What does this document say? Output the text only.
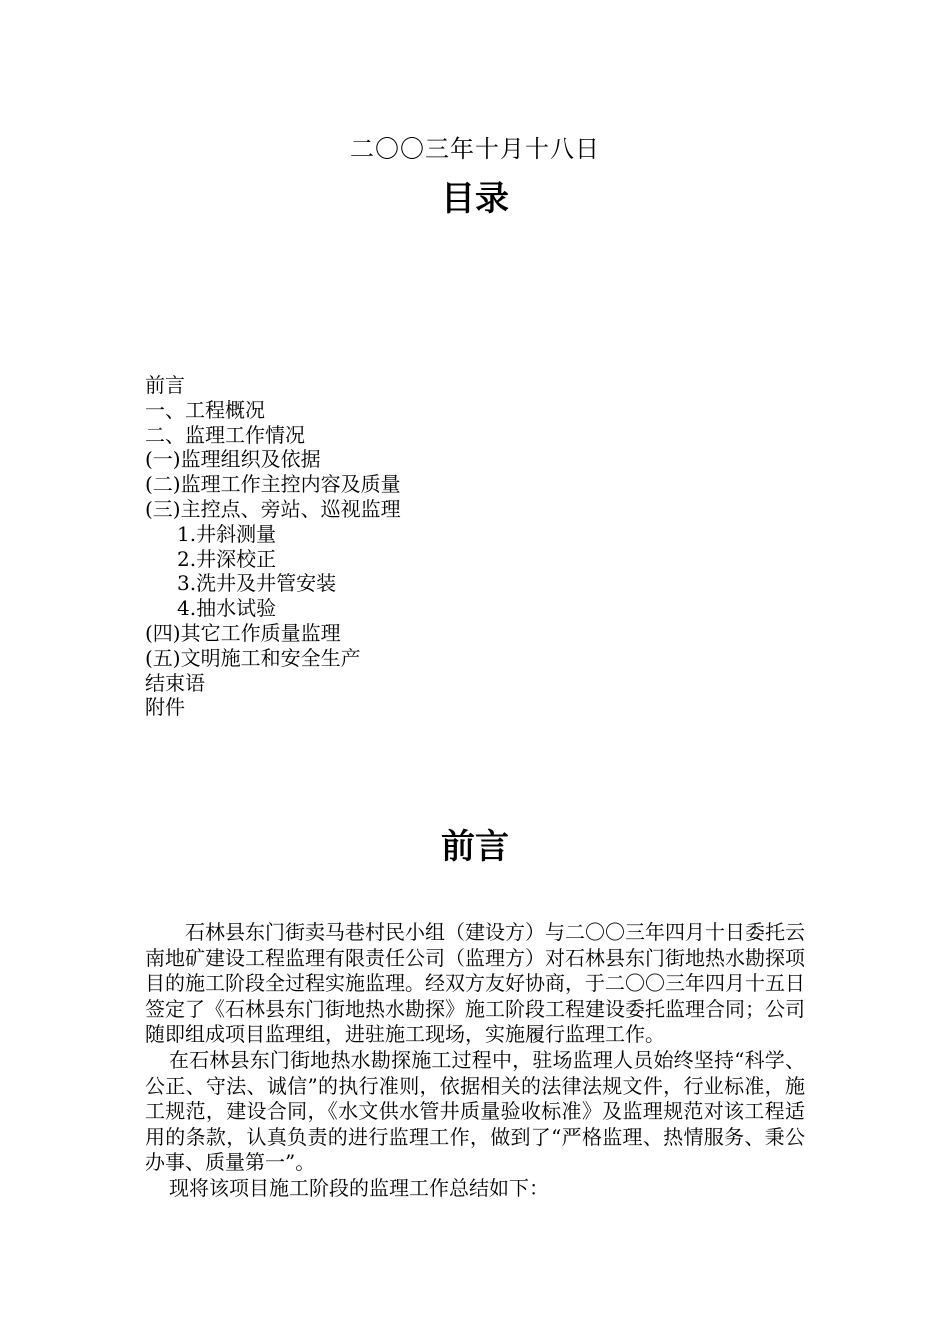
二〇〇三年十月十八日
目录
前言
一、工程概况
二、监理工作情况
(一)监理组织及依据
(二)监理工作主控内容及质量
(三)主控点、旁站、巡视监理
1.井斜测量
2.井深校正
3.洗井及井管安装
4.抽水试验
(四)其它工作质量监理
(五)文明施工和安全生产
结束语
附件
前言

石林县东门街卖马巷村民小组（建设方）与二〇〇三年四月十日委托云南地矿建设工程监理有限责任公司（监理方）对石林县东门街地热水勘探项目的施工阶段全过程实施监理。经双方友好协商，于二〇〇三年四月十五日签定了《石林县东门街地热水勘探》施工阶段工程建设委托监理合同；公司随即组成项目监理组，进驻施工现场，实施履行监理工作。

在石林县东门街地热水勘探施工过程中，驻场监理人员始终坚持“科学、公正、守法、诚信”的执行准则，依据相关的法律法规文件，行业标准，施工规范，建设合同，《水文供水管井质量验收标准》及监理规范对该工程适用的条款，认真负责的进行监理工作，做到了“严格监理、热情服务、秉公办事、质量第一”。

现将该项目施工阶段的监理工作总结如下：
